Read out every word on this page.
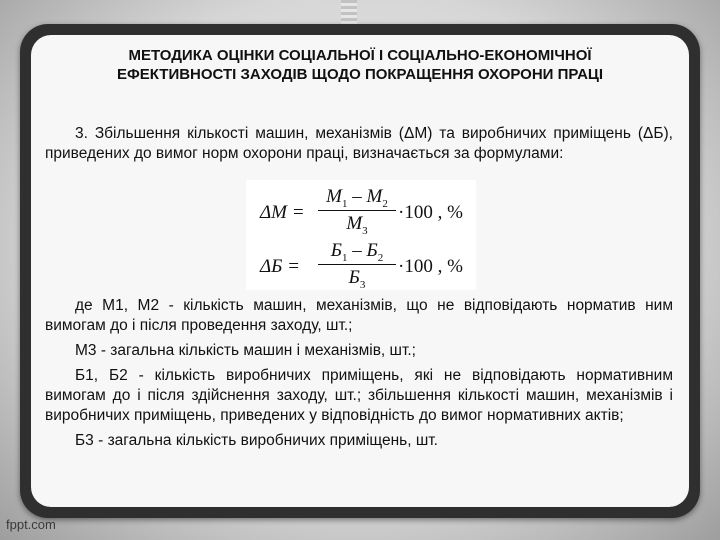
МЕТОДИКА ОЦІНКИ СОЦІАЛЬНОЇ І СОЦІАЛЬНО-ЕКОНОМІЧНОЇ
ЕФЕКТИВНОСТІ ЗАХОДІВ ЩОДО ПОКРАЩЕННЯ ОХОРОНИ ПРАЦІ
3. Збільшення кількості машин, механізмів (ΔМ) та виробничих приміщень (ΔБ), приведених до вимог норм охорони праці, визначається за формулами:
ΔМ =
$М_1 - М_2$
$М_3$
·100 , %
ΔБ =
$Б_1 - Б_2$
$Б_3$
·100 , %

де М1, М2 - кількість машин, механізмів, що не відповідають норматив ним вимогам до і після проведення заходу, шт.;

М3 - загальна кількість машин і механізмів, шт.;

Б1, Б2 - кількість виробничих приміщень, які не відповідають нормативним вимогам до і після здійснення заходу, шт.; збільшення кількості машин, механізмів і виробничих приміщень, приведених у відповідність до вимог нормативних актів;

Б3 - загальна кількість виробничих приміщень, шт.

fppt.com
